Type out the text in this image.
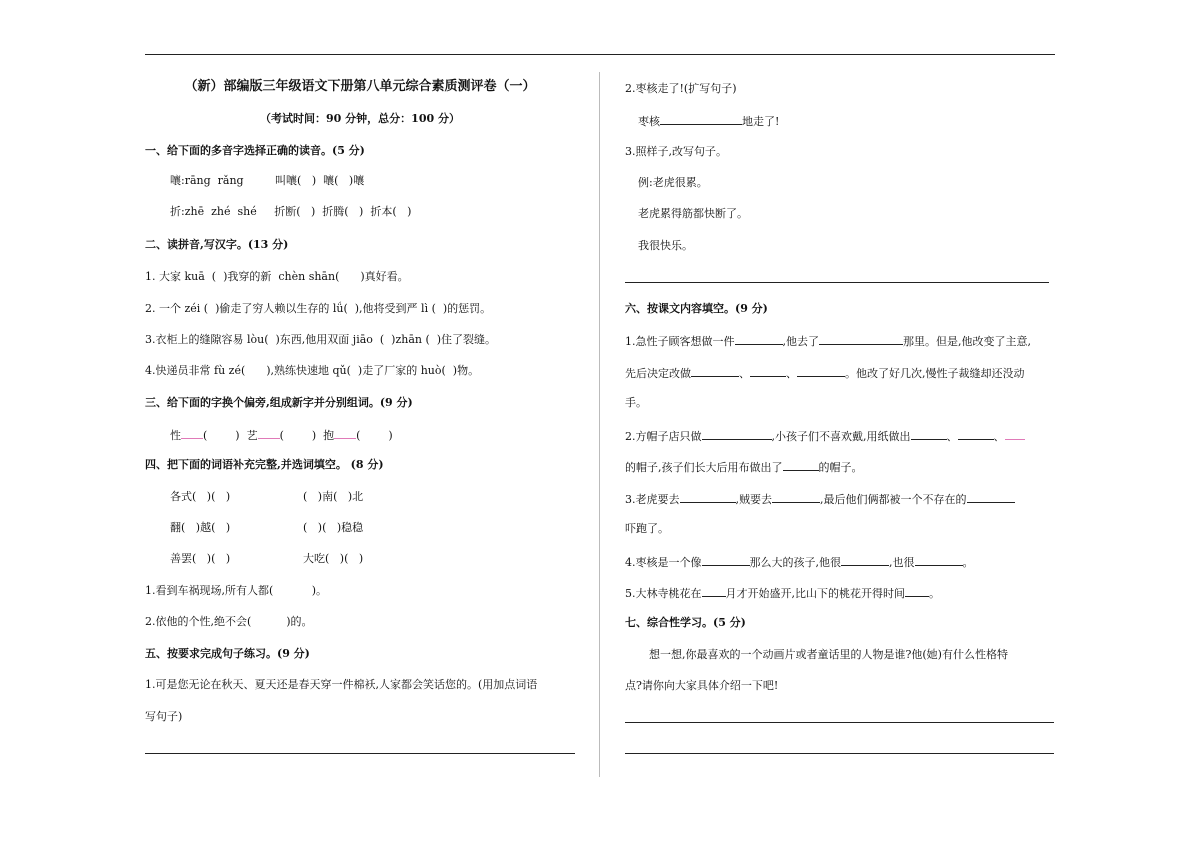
（新）部编版三年级语文下册第八单元综合素质测评卷（一）
（考试时间：90 分钟，总分：100 分）
一、给下面的多音字选择正确的读音。(5 分)
嚷:rāng  rǎng         叫嚷(   )  嚷(   )嚷
折:zhē  zhé  shé     折断(   )  折腾(   )  折本(   )
二、读拼音,写汉字。(13 分)
1. 大家 kuā  (  )我穿的新  chèn shān(      )真好看。
2. 一个 zéi (  )偷走了穷人赖以生存的 lǘ(  ),他将受到严 lì (  )的惩罚。
3.衣柜上的缝隙容易 lòu(  )东西,他用双面 jiāo  (  )zhān (  )住了裂缝。
4.快递员非常 fù zé(      ),熟练快速地 qǔ(  )走了厂家的 huò(  )物。
三、给下面的字换个偏旁,组成新字并分别组词。(9 分)
性 (        ) 艺 (        ) 抱 (        )
四、把下面的词语补充完整,并选词填空。 (8 分)
各式(   )(   )	(   )南(   )北
翻(   )越(   )	(   )(   )稳稳
善罢(   )(   )	大吃(   )(   )
1.看到车祸现场,所有人都(           )。
2.依他的个性,绝不会(          )的。
五、按要求完成句子练习。(9 分)
1.可是您无论在秋天、夏天还是春天穿一件棉袄,人家都会笑话您的。(用加点词语
写句子)
2.枣核走了!(扩写句子)
枣核	地走了!
3.照样子,改写句子。
例:老虎很累。
老虎累得筋都快断了。
我很快乐。
六、按课文内容填空。(9 分)
1.急性子顾客想做一件	,他去了	那里。但是,他改变了主意,
先后决定改做	、	、	。他改了好几次,慢性子裁缝却还没动
手。
2.方帽子店只做	,小孩子们不喜欢戴,用纸做出	、	、
的帽子,孩子们长大后用布做出了	的帽子。
3.老虎要去	,贼要去	,最后他们俩都被一个不存在的
吓跑了。
4.枣核是一个像	那么大的孩子,他很	,也很	。
5.大林寺桃花在 月才开始盛开,比山下的桃花开得时间 。
七、综合性学习。(5 分)
想一想,你最喜欢的一个动画片或者童话里的人物是谁?他(她)有什么性格特
点?请你向大家具体介绍一下吧!
